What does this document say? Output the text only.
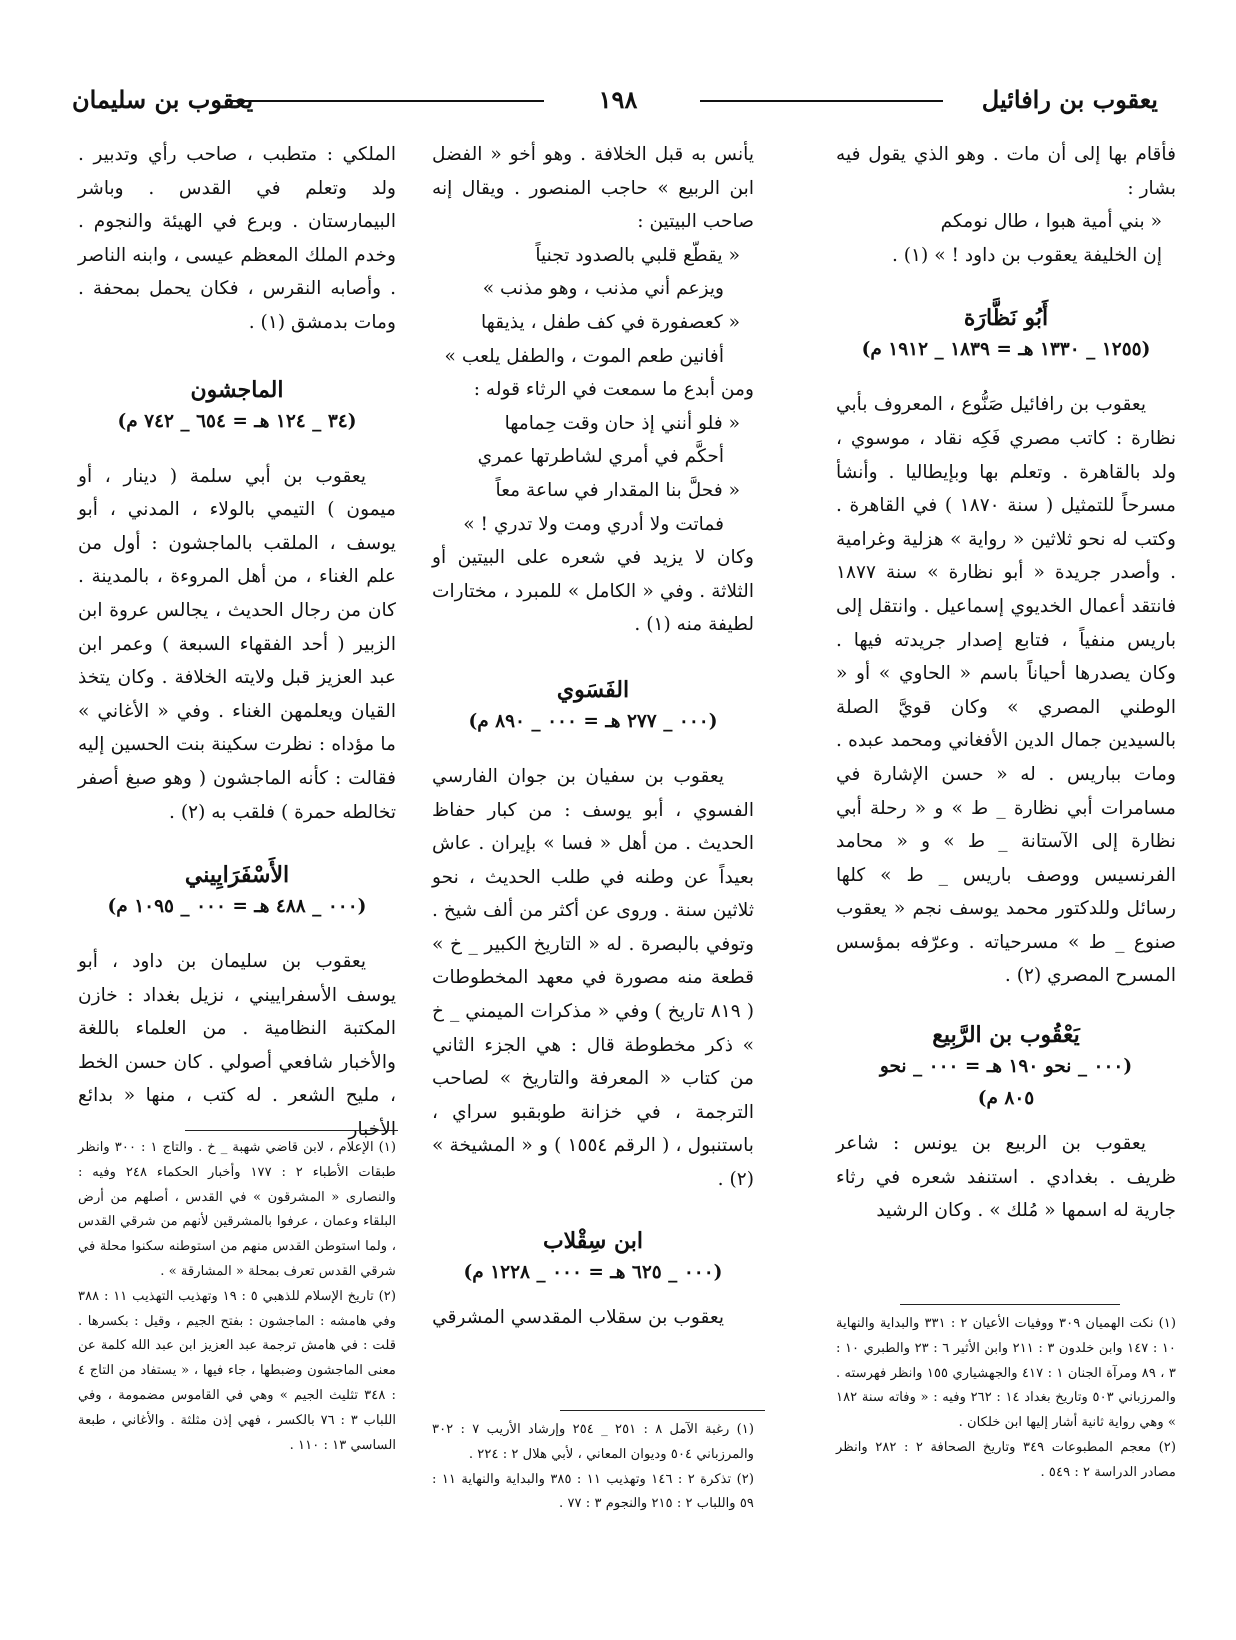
يعقوب بن رافائيل
١٩٨
يعقوب بن سليمان

فأقام بها إلى أن مات . وهو الذي يقول فيه بشار :

« بني أمية هبوا ، طال نومكم

إن الخليفة يعقوب بن داود ! » (١) .

أَبُو نَظَّارَة

(١٢٥٥ _ ١٣٣٠ هـ = ١٨٣٩ _ ١٩١٢ م)

يعقوب بن رافائيل صَنُّوع ، المعروف بأبي نظارة : كاتب مصري فَكِه نقاد ، موسوي ، ولد بالقاهرة . وتعلم بها وبإيطاليا . وأنشأ مسرحاً للتمثيل ( سنة ١٨٧٠ ) في القاهرة . وكتب له نحو ثلاثين « رواية » هزلية وغرامية . وأصدر جريدة « أبو نظارة » سنة ١٨٧٧ فانتقد أعمال الخديوي إسماعيل . وانتقل إلى باريس منفياً ، فتابع إصدار جريدته فيها . وكان يصدرها أحياناً باسم « الحاوي » أو « الوطني المصري » وكان قويَّ الصلة بالسيدين جمال الدين الأفغاني ومحمد عبده . ومات بباريس . له « حسن الإشارة في مسامرات أبي نظارة _ ط » و « رحلة أبي نظارة إلى الآستانة _ ط » و « محامد الفرنسيس ووصف باريس _ ط » كلها رسائل وللدكتور محمد يوسف نجم « يعقوب صنوع _ ط » مسرحياته . وعرّفه بمؤسس المسرح المصري (٢) .

يَعْقُوب بن الرَّبِيع

(٠٠٠ _ نحو ١٩٠ هـ = ٠٠٠ _ نحو

٨٠٥ م)

يعقوب بن الربيع بن يونس : شاعر ظريف . بغدادي . استنفد شعره في رثاء جارية له اسمها « مُلك » . وكان الرشيد

(١) نكت الهميان ٣٠٩ ووفيات الأعيان ٢ : ٣٣١ والبداية والنهاية ١٠ : ١٤٧ وابن خلدون ٣ : ٢١١ وابن الأثير ٦ : ٢٣ والطبري ١٠ : ٣ ، ٨٩ ومرآة الجنان ١ : ٤١٧ والجهشياري ١٥٥ وانظر فهرسته . والمرزباني ٥٠٣ وتاريخ بغداد ١٤ : ٢٦٢ وفيه : « وفاته سنة ١٨٢ » وهي رواية ثانية أشار إليها ابن خلكان .

(٢) معجم المطبوعات ٣٤٩ وتاريخ الصحافة ٢ : ٢٨٢ وانظر مصادر الدراسة ٢ : ٥٤٩ .

يأنس به قبل الخلافة . وهو أخو « الفضل ابن الربيع » حاجب المنصور . ويقال إنه صاحب البيتين :

« يقطّع قلبي بالصدود تجنياً

ويزعم أني مذنب ، وهو مذنب »

« كعصفورة في كف طفل ، يذيقها

أفانين طعم الموت ، والطفل يلعب »

ومن أبدع ما سمعت في الرثاء قوله :

« فلو أنني إذ حان وقت حِمامها

أحكَّم في أمري لشاطرتها عمري

« فحلَّ بنا المقدار في ساعة معاً

فماتت ولا أدري ومت ولا تدري ! »

وكان لا يزيد في شعره على البيتين أو الثلاثة . وفي « الكامل » للمبرد ، مختارات لطيفة منه (١) .

الفَسَوي

(٠٠٠ _ ٢٧٧ هـ = ٠٠٠ _ ٨٩٠ م)

يعقوب بن سفيان بن جوان الفارسي الفسوي ، أبو يوسف : من كبار حفاظ الحديث . من أهل « فسا » بإيران . عاش بعيداً عن وطنه في طلب الحديث ، نحو ثلاثين سنة . وروى عن أكثر من ألف شيخ . وتوفي بالبصرة . له « التاريخ الكبير _ خ » قطعة منه مصورة في معهد المخطوطات ( ٨١٩ تاريخ ) وفي « مذكرات الميمني _ خ » ذكر مخطوطة قال : هي الجزء الثاني من كتاب « المعرفة والتاريخ » لصاحب الترجمة ، في خزانة طوبقبو سراي ، باستنبول ، ( الرقم ١٥٥٤ ) و « المشيخة » (٢) .

ابن سِقْلاب

(٠٠٠ _ ٦٢٥ هـ = ٠٠٠ _ ١٢٢٨ م)

يعقوب بن سقلاب المقدسي المشرقي

(١) رغبة الآمل ٨ : ٢٥١ _ ٢٥٤ وإرشاد الأريب ٧ : ٣٠٢ والمرزباني ٥٠٤ وديوان المعاني ، لأبي هلال ٢ : ٢٢٤ .

(٢) تذكرة ٢ : ١٤٦ وتهذيب ١١ : ٣٨٥ والبداية والنهاية ١١ : ٥٩ واللباب ٢ : ٢١٥ والنجوم ٣ : ٧٧ .

الملكي : متطبب ، صاحب رأي وتدبير . ولد وتعلم في القدس . وباشر البيمارستان . وبرع في الهيئة والنجوم . وخدم الملك المعظم عيسى ، وابنه الناصر . وأصابه النقرس ، فكان يحمل بمحفة . ومات بدمشق (١) .

الماجشون

(٣٤ _ ١٢٤ هـ = ٦٥٤ _ ٧٤٢ م)

يعقوب بن أبي سلمة ( دينار ، أو ميمون ) التيمي بالولاء ، المدني ، أبو يوسف ، الملقب بالماجشون : أول من علم الغناء ، من أهل المروءة ، بالمدينة . كان من رجال الحديث ، يجالس عروة ابن الزبير ( أحد الفقهاء السبعة ) وعمر ابن عبد العزيز قبل ولايته الخلافة . وكان يتخذ القيان ويعلمهن الغناء . وفي « الأغاني » ما مؤداه : نظرت سكينة بنت الحسين إليه فقالت : كأنه الماجشون ( وهو صبغ أصفر تخالطه حمرة ) فلقب به (٢) .

الأَسْفَرَايِيني

(٠٠٠ _ ٤٨٨ هـ = ٠٠٠ _ ١٠٩٥ م)

يعقوب بن سليمان بن داود ، أبو يوسف الأسفراييني ، نزيل بغداد : خازن المكتبة النظامية . من العلماء باللغة والأخبار شافعي أصولي . كان حسن الخط ، مليح الشعر . له كتب ، منها « بدائع الأخبار

(١) الإعلام ، لابن قاضي شهبة _ خ . والتاج ١ : ٣٠٠ وانظر طبقات الأطباء ٢ : ١٧٧ وأخبار الحكماء ٢٤٨ وفيه : والنصارى « المشرقون » في القدس ، أصلهم من أرض البلقاء وعمان ، عرفوا بالمشرقين لأنهم من شرقي القدس ، ولما استوطن القدس منهم من استوطنه سكنوا محلة في شرقي القدس تعرف بمحلة « المشارقة » .

(٢) تاريخ الإسلام للذهبي ٥ : ١٩ وتهذيب التهذيب ١١ : ٣٨٨ وفي هامشه : الماجشون : بفتح الجيم ، وقيل : بكسرها . قلت : في هامش ترجمة عبد العزيز ابن عبد الله كلمة عن معنى الماجشون وضبطها ، جاء فيها ، « يستفاد من التاج ٤ : ٣٤٨ تثليث الجيم » وهي في القاموس مضمومة ، وفي اللباب ٣ : ٧٦ بالكسر ، فهي إذن مثلثة . والأغاني ، طبعة الساسي ١٣ : ١١٠ .
